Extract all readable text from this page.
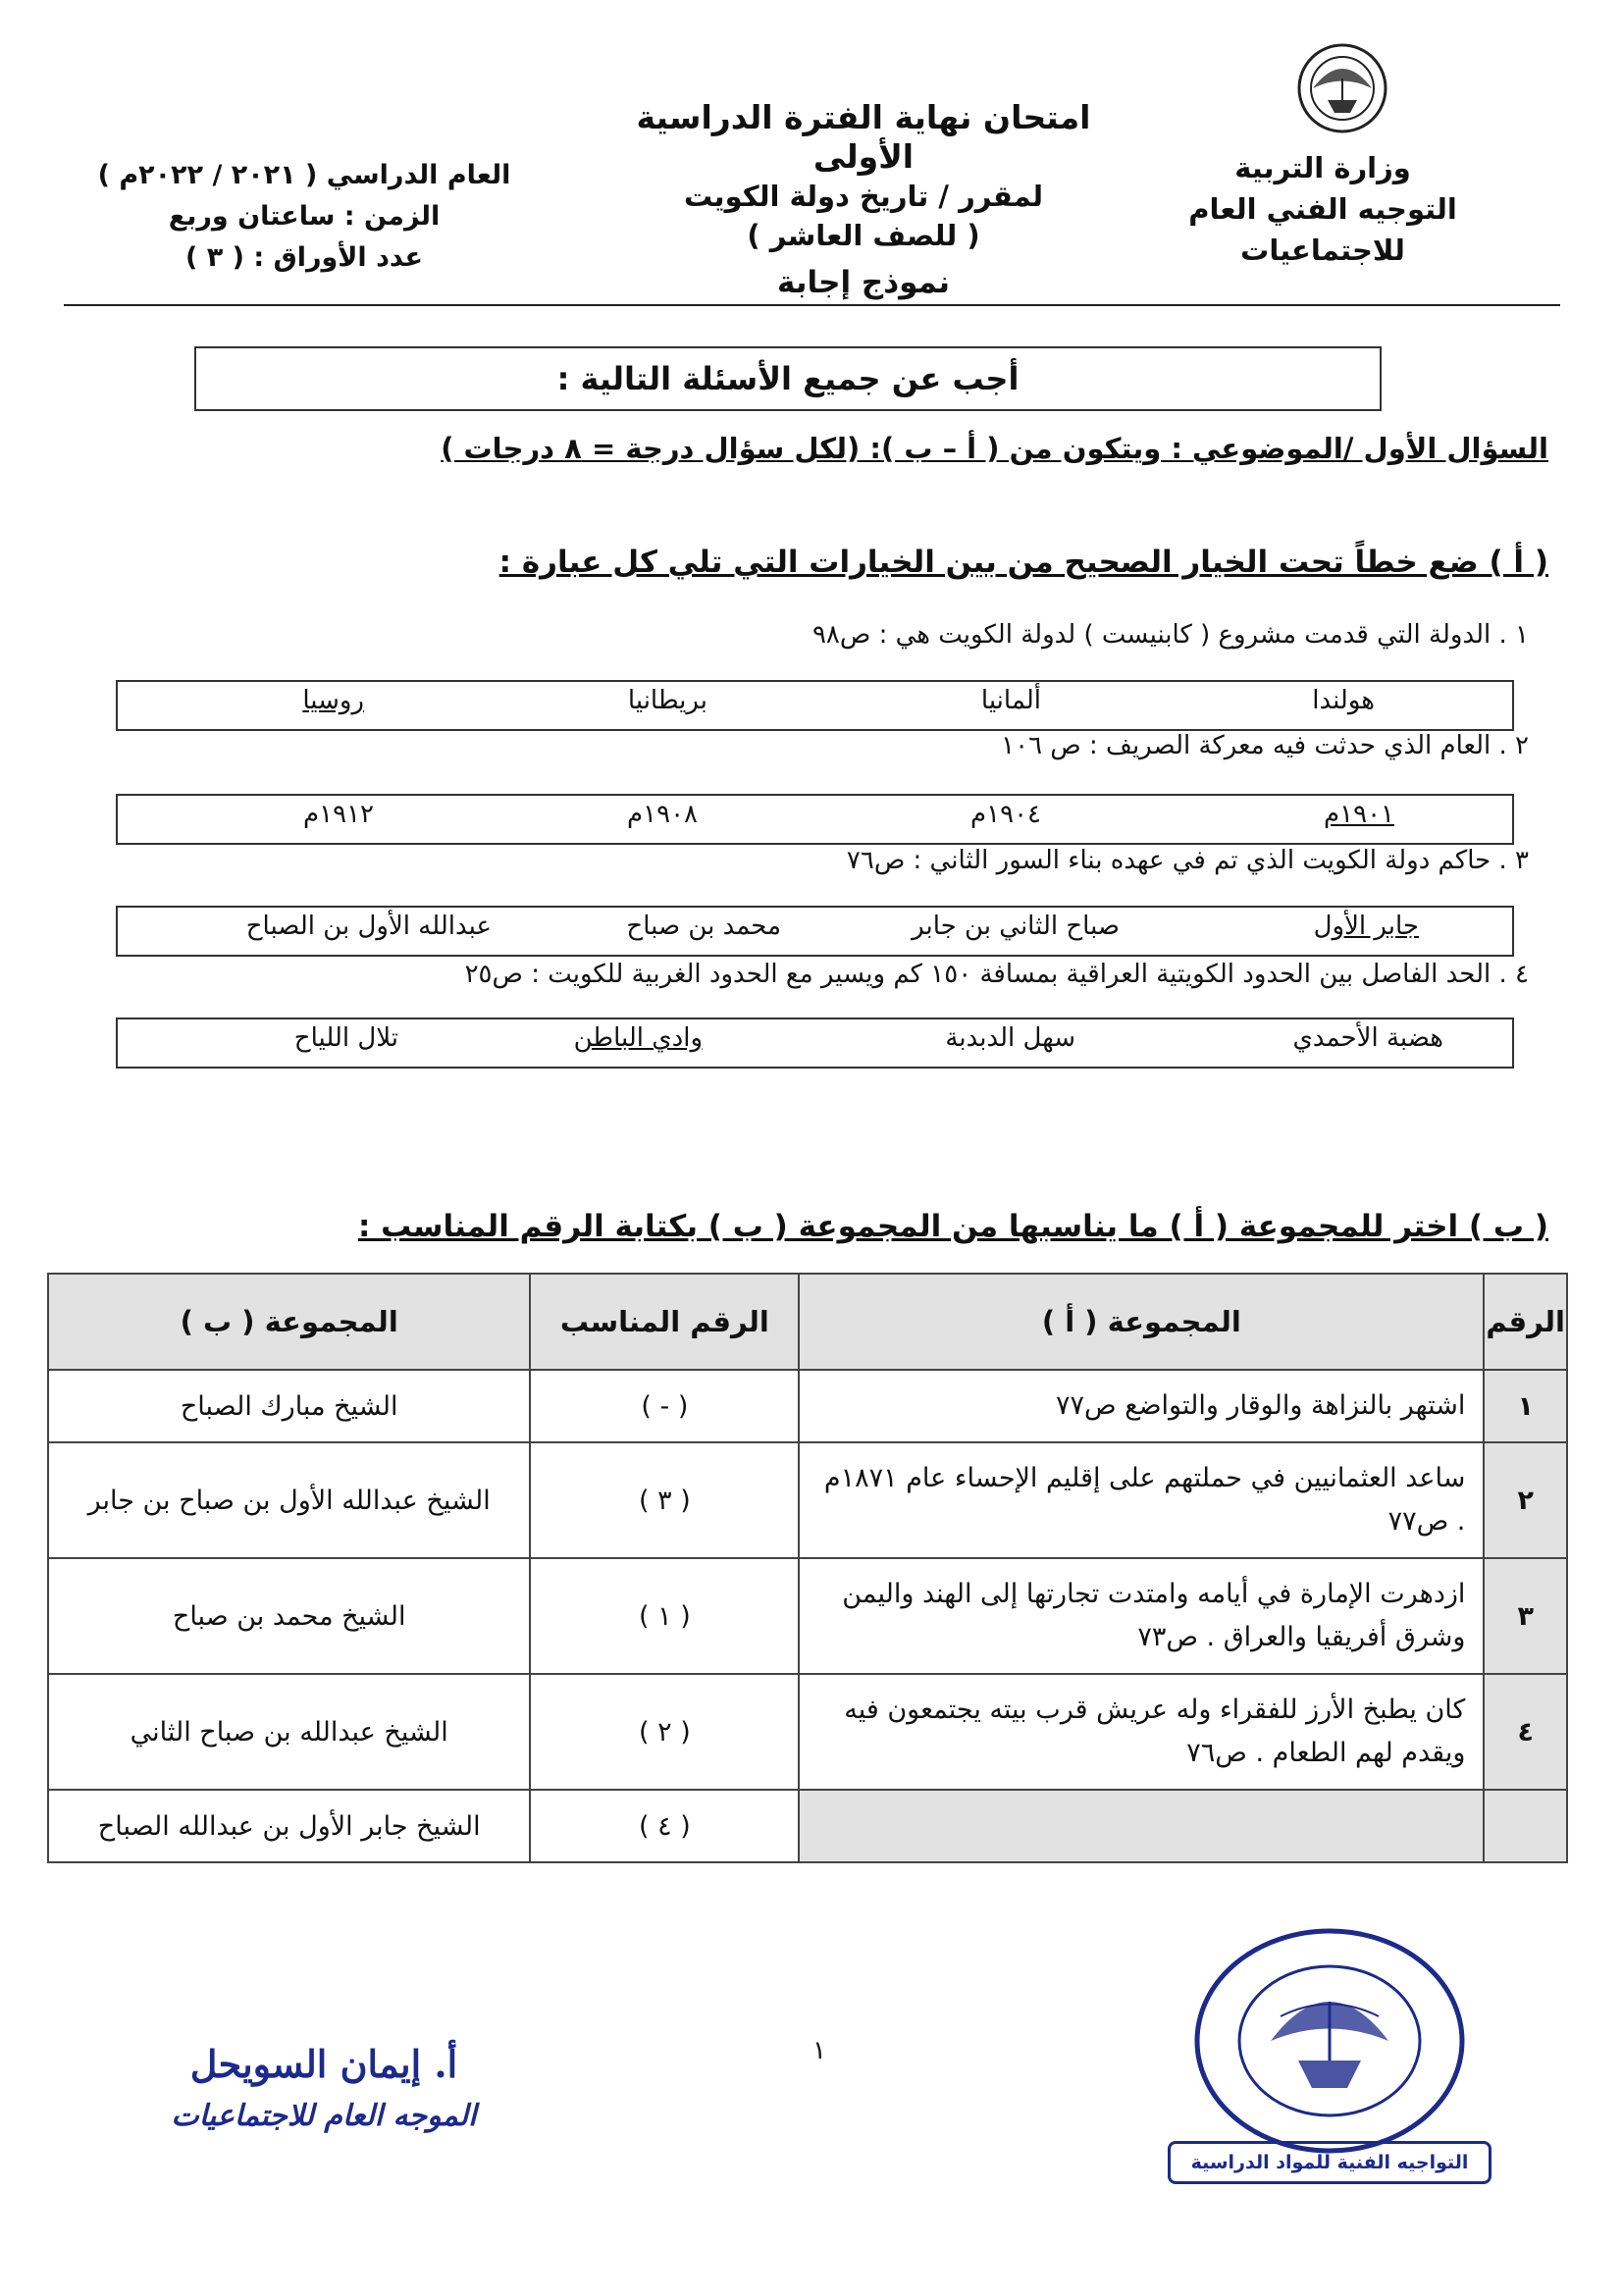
وزارة التربية
التوجيه الفني العام للاجتماعيات
امتحان نهاية الفترة الدراسية الأولى
لمقرر / تاريخ دولة الكويت
( للصف العاشر )
نموذج إجابة
العام الدراسي ( ٢٠٢١ / ٢٠٢٢م )
الزمن : ساعتان وربع
عدد الأوراق : ( ٣ )
أجب عن جميع الأسئلة التالية :
السؤال الأول /الموضوعي : ويتكون من ( أ – ب ): (لكل سؤال درجة = ٨ درجات )
( أ ) ضع خطاً تحت الخيار الصحيح من بين الخيارات التي تلي كل عبارة :
١ . الدولة التي قدمت مشروع ( كابنيست ) لدولة الكويت هي : ص٩٨
هولندا
ألمانيا
بريطانيا
روسيا
٢ . العام الذي حدثت فيه معركة الصريف : ص ١٠٦
١٩٠١م
١٩٠٤م
١٩٠٨م
١٩١٢م
٣ . حاكم دولة الكويت الذي تم في عهده بناء السور الثاني : ص٧٦
جابر الأول
صباح الثاني بن جابر
محمد بن صباح
عبدالله الأول بن الصباح
٤ . الحد الفاصل بين الحدود الكويتية العراقية بمسافة ١٥٠ كم ويسير مع الحدود الغربية للكويت : ص٢٥
هضبة الأحمدي
سهل الدبدبة
وادي الباطن
تلال اللياح
( ب ) اختر للمجموعة ( أ ) ما يناسبها من المجموعة ( ب ) بكتابة الرقم المناسب :
الرقم	المجموعة ( أ )	الرقم المناسب	المجموعة ( ب )
١	اشتهر بالنزاهة والوقار والتواضع ص٧٧	( - )	الشيخ مبارك الصباح
٢	ساعد العثمانيين في حملتهم على إقليم الإحساء عام ١٨٧١م . ص٧٧	( ٣ )	الشيخ عبدالله الأول بن صباح بن جابر
٣	ازدهرت الإمارة في أيامه وامتدت تجارتها إلى الهند واليمن وشرق أفريقيا والعراق . ص٧٣	( ١ )	الشيخ محمد بن صباح
٤	كان يطبخ الأرز للفقراء وله عريش قرب بيته يجتمعون فيه ويقدم لهم الطعام . ص٧٦	( ٢ )	الشيخ عبدالله بن صباح الثاني
		( ٤ )	الشيخ جابر الأول بن عبدالله الصباح
١
أ. إيمان السويحل
الموجه العام للاجتماعيات
التواجيه الفنية للمواد الدراسية
